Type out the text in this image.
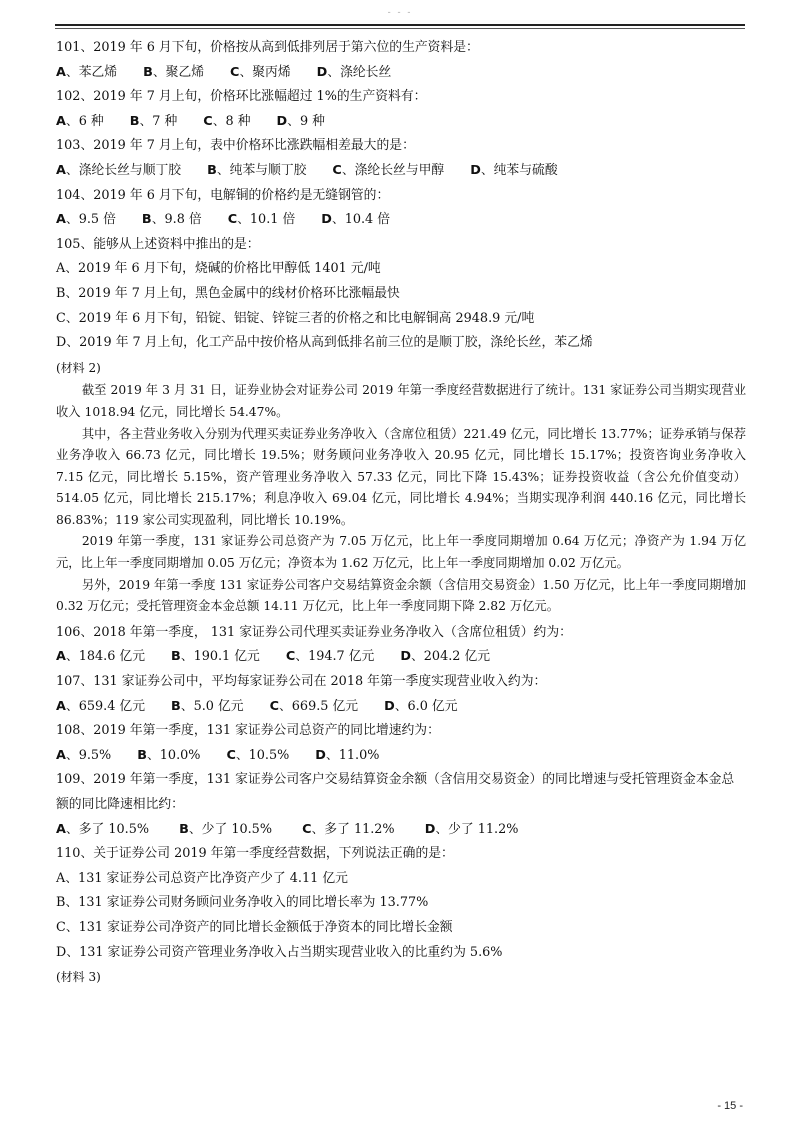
- - -
101、2019 年 6 月下旬，价格按从高到低排列居于第六位的生产资料是：
A、苯乙烯 B、聚乙烯 C、聚丙烯 D、涤纶长丝
102、2019 年 7 月上旬，价格环比涨幅超过 1%的生产资料有：
A、6 种 B、7 种 C、8 种 D、9 种
103、2019 年 7 月上旬，表中价格环比涨跌幅相差最大的是：
A、涤纶长丝与顺丁胶 B、纯苯与顺丁胶 C、涤纶长丝与甲醇 D、纯苯与硫酸
104、2019 年 6 月下旬，电解铜的价格约是无缝钢管的：
A、9.5 倍 B、9.8 倍 C、10.1 倍 D、10.4 倍
105、能够从上述资料中推出的是：
A、2019 年 6 月下旬，烧碱的价格比甲醇低 1401 元/吨
B、2019 年 7 月上旬，黑色金属中的线材价格环比涨幅最快
C、2019 年 6 月下旬，铅锭、铝锭、锌锭三者的价格之和比电解铜高 2948.9 元/吨
D、2019 年 7 月上旬，化工产品中按价格从高到低排名前三位的是顺丁胶，涤纶长丝，苯乙烯
(材料 2)

截至 2019 年 3 月 31 日，证券业协会对证券公司 2019 年第一季度经营数据进行了统计。131 家证券公司当期实现营业收入 1018.94 亿元，同比增长 54.47%。

其中，各主营业务收入分别为代理买卖证券业务净收入（含席位租赁）221.49 亿元，同比增长 13.77%；证券承销与保荐业务净收入 66.73 亿元，同比增长 19.5%；财务顾问业务净收入 20.95 亿元，同比增长 15.17%；投资咨询业务净收入 7.15 亿元，同比增长 5.15%，资产管理业务净收入 57.33 亿元，同比下降 15.43%；证券投资收益（含公允价值变动）514.05 亿元，同比增长 215.17%；利息净收入 69.04 亿元，同比增长 4.94%；当期实现净利润 440.16 亿元，同比增长 86.83%；119 家公司实现盈利，同比增长 10.19%。

2019 年第一季度，131 家证券公司总资产为 7.05 万亿元，比上年一季度同期增加 0.64 万亿元；净资产为 1.94 万亿元，比上年一季度同期增加 0.05 万亿元；净资本为 1.62 万亿元，比上年一季度同期增加 0.02 万亿元。

另外，2019 年第一季度 131 家证券公司客户交易结算资金余额（含信用交易资金）1.50 万亿元，比上年一季度同期增加 0.32 万亿元；受托管理资金本金总额 14.11 万亿元，比上年一季度同期下降 2.82 万亿元。

106、2018 年第一季度， 131 家证券公司代理买卖证券业务净收入（含席位租赁）约为：
A、184.6 亿元 B、190.1 亿元 C、194.7 亿元 D、204.2 亿元
107、131 家证券公司中，平均每家证券公司在 2018 年第一季度实现营业收入约为：
A、659.4 亿元 B、5.0 亿元 C、669.5 亿元 D、6.0 亿元
108、2019 年第一季度，131 家证券公司总资产的同比增速约为：
A、9.5% B、10.0% C、10.5% D、11.0%
109、2019 年第一季度，131 家证券公司客户交易结算资金余额（含信用交易资金）的同比增速与受托管理资金本金总额的同比降速相比约：
A、多了 10.5% B、少了 10.5% C、多了 11.2% D、少了 11.2%
110、关于证券公司 2019 年第一季度经营数据，下列说法正确的是：
A、131 家证券公司总资产比净资产少了 4.11 亿元
B、131 家证券公司财务顾问业务净收入的同比增长率为 13.77%
C、131 家证券公司净资产的同比增长金额低于净资本的同比增长金额
D、131 家证券公司资产管理业务净收入占当期实现营业收入的比重约为 5.6%
(材料 3)
- 15 -
